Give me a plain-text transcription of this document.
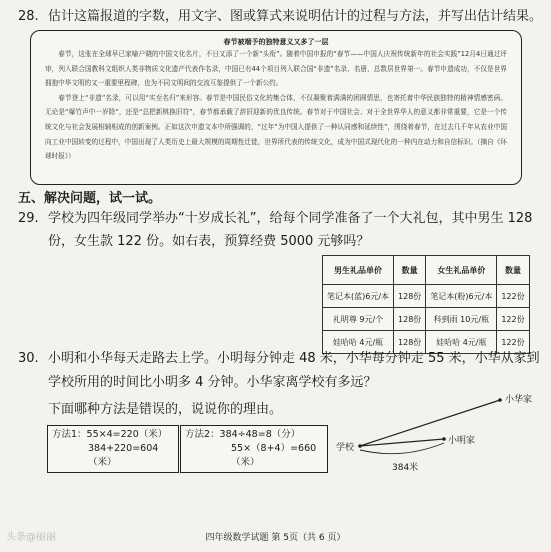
28. 估计这篇报道的字数，用文字、图或算式来说明估计的过程与方法，并写出估计结果。
春节被端予的独特意义又多了一层

春节，这张在全球早已家喻户晓的中国文化名片，不日又添了一个新“头衔”。随着中国申报的“春节——中国人庆祝传统新年的社会实践”12月4日通过评审，列入联合国教科文组织人类非物质文化遗产代表作名录，中国已有44个项目列入联合国“非遗”名录、名册，总数居世界第一。春节申遗成功，不仅是世界拥抱中华文明的又一重要里程碑，也为不同文明间的交流互鉴提供了一个新公约。

春节登上“非遗”名录，可以用“实至名归”来形容。春节是中国民俗文化的集合体，不仅凝聚着满满的团圆情思，也寄托着中华民族独特的精神情感密码。无论是“爆竹声中一岁除”，还是“总把新桃换旧符”，春节都承载了辞旧迎新的优良传统。春节对于中国社会、对于全世界华人的意义都非常重要，它是一个传统文化与社会发展相辅相成的创新案例。正如这次申遗文本中所强调的，“过年”为中国人提供了一种认同感和延续性”，围绕着春节，在过去几千年从农业中国向工业中国转变的过程中，中国出现了人类历史上最大规模的周期性迁徙，世界所代表的传统文化，成为中国式现代化的一种内在动力和自信标识。（摘自《环球时报》）

五、解决问题，试一试。
29. 学校为四年级同学举办“十岁成长礼”，给每个同学准备了一个大礼包，其中男生 128
份，女生款 122 份。如右表，预算经费 5000 元够吗？
男生礼品单价	数量	女生礼品单价	数量
笔记本(蓝)6元/本	128份	笔记本(粉)6元/本	122份
礼明尊 9元/个	128份	科到雨 10元/瓶	122份
娃哈哈 4元/瓶	128份	娃哈哈 4元/瓶	122份
30. 小明和小华每天走路去上学。小明每分钟走 48 米，小华每分钟走 55 米，小华从家到
学校所用的时间比小明多 4 分钟。小华家离学校有多远？
下面哪种方法是错误的，说说你的理由。
方法1：55×4=220（米）
384+220=604（米）
方法2：384÷48=8（分）
55×（8+4）=660（米）
学校
小明家
小华家
384米
四年级数学试题 第 5页（共 6 页）
头条@丽丽
